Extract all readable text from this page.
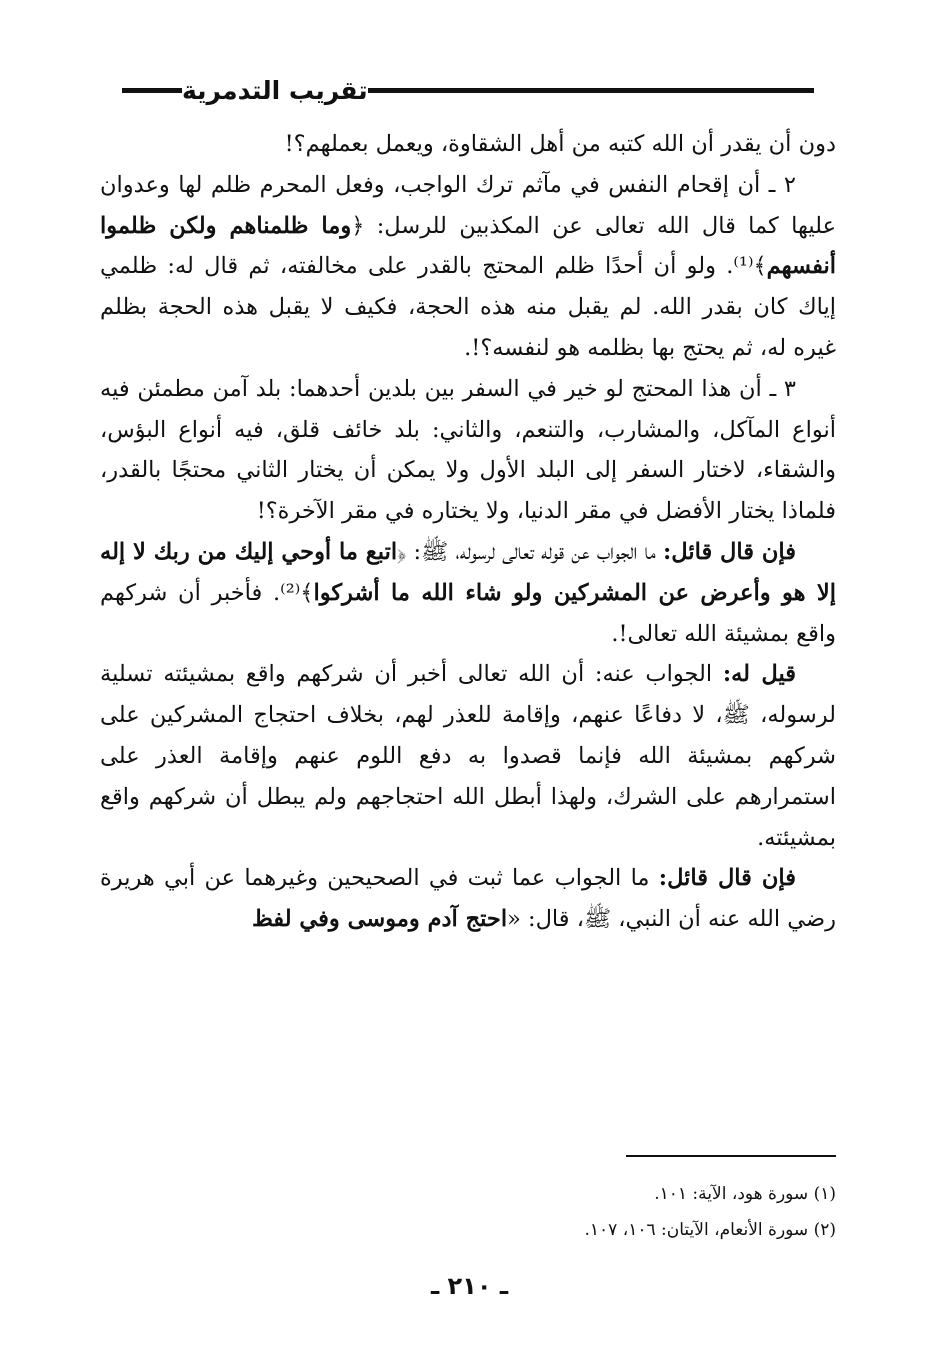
تقريب التدمرية

دون أن يقدر أن الله كتبه من أهل الشقاوة، ويعمل بعملهم؟!

٢ ـ أن إقحام النفس في مآثم ترك الواجب، وفعل المحرم ظلم لها وعدوان عليها كما قال الله تعالى عن المكذبين للرسل: ﴿وما ظلمناهم ولكن ظلموا أنفسهم﴾⁽¹⁾. ولو أن أحدًا ظلم المحتج بالقدر على مخالفته، ثم قال له: ظلمي إياك كان بقدر الله. لم يقبل منه هذه الحجة، فكيف لا يقبل هذه الحجة بظلم غيره له، ثم يحتج بها بظلمه هو لنفسه؟!.

٣ ـ أن هذا المحتج لو خير في السفر بين بلدين أحدهما: بلد آمن مطمئن فيه أنواع المآكل، والمشارب، والتنعم، والثاني: بلد خائف قلق، فيه أنواع البؤس، والشقاء، لاختار السفر إلى البلد الأول ولا يمكن أن يختار الثاني محتجًا بالقدر، فلماذا يختار الأفضل في مقر الدنيا، ولا يختاره في مقر الآخرة؟!

فإن قال قائل: ما الجواب عن قوله تعالى لرسوله، ﷺ: ﴿اتبع ما أوحي إليك من ربك لا إله إلا هو وأعرض عن المشركين ولو شاء الله ما أشركوا﴾⁽²⁾. فأخبر أن شركهم واقع بمشيئة الله تعالى!.

قيل له: الجواب عنه: أن الله تعالى أخبر أن شركهم واقع بمشيئته تسلية لرسوله، ﷺ، لا دفاعًا عنهم، وإقامة للعذر لهم، بخلاف احتجاج المشركين على شركهم بمشيئة الله فإنما قصدوا به دفع اللوم عنهم وإقامة العذر على استمرارهم على الشرك، ولهذا أبطل الله احتجاجهم ولم يبطل أن شركهم واقع بمشيئته.

فإن قال قائل: ما الجواب عما ثبت في الصحيحين وغيرهما عن أبي هريرة رضي الله عنه أن النبي، ﷺ، قال: «احتج آدم وموسى وفي لفظ

(١) سورة هود، الآية: ١٠١.
(٢) سورة الأنعام، الآيتان: ١٠٦، ١٠٧.
ـ ٢١٠ ـ
